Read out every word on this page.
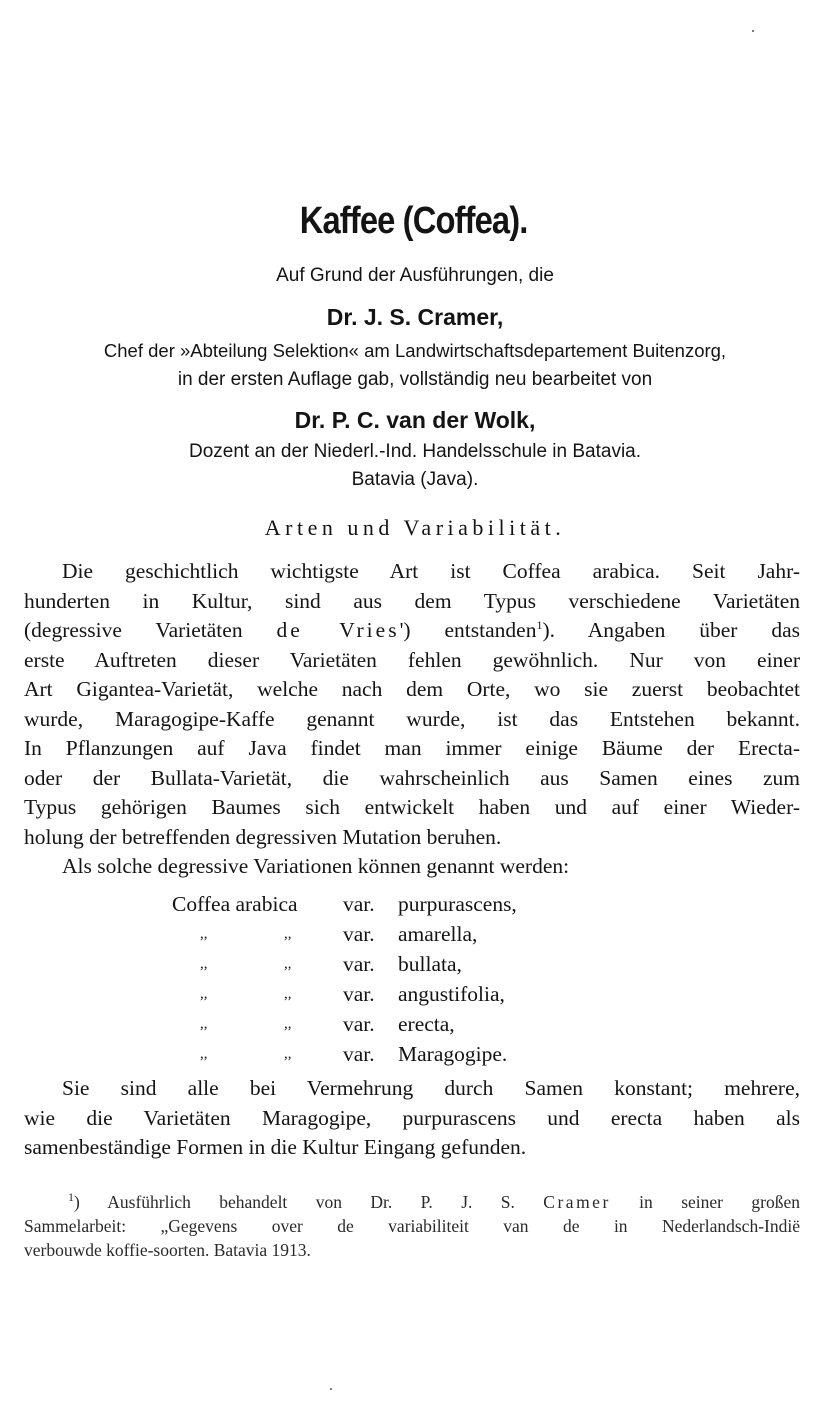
Kaffee (Coffea).
Auf Grund der Ausführungen, die
Dr. J. S. Cramer,
Chef der »Abteilung Selektion« am Landwirtschaftsdepartement Buitenzorg,
in der ersten Auflage gab, vollständig neu bearbeitet von
Dr. P. C. van der Wolk,
Dozent an der Niederl.-Ind. Handelsschule in Batavia.
Batavia (Java).
Arten und Variabilität.
Die geschichtlich wichtigste Art ist Coffea arabica. Seit Jahr-
hunderten in Kultur, sind aus dem Typus verschiedene Varietäten
(degressive Varietäten de Vries') entstanden$^1$). Angaben über das
erste Auftreten dieser Varietäten fehlen gewöhnlich. Nur von einer
Art Gigantea-Varietät, welche nach dem Orte, wo sie zuerst beobachtet
wurde, Maragogipe-Kaffe genannt wurde, ist das Entstehen bekannt.
In Pflanzungen auf Java findet man immer einige Bäume der Erecta-
oder der Bullata-Varietät, die wahrscheinlich aus Samen eines zum
Typus gehörigen Baumes sich entwickelt haben und auf einer Wieder-
holung der betreffenden degressiven Mutation beruhen.
Als solche degressive Variationen können genannt werden:
Coffea arabica var. purpurascens,
,,	,, var. amarella,
,,	,, var. bullata,
,,	,, var. angustifolia,
,,	,, var. erecta,
,,	,, var. Maragogipe.
Sie sind alle bei Vermehrung durch Samen konstant; mehrere,
wie die Varietäten Maragogipe, purpurascens und erecta haben als
samenbeständige Formen in die Kultur Eingang gefunden.
$^1$) Ausführlich behandelt von Dr. P. J. S. Cramer in seiner großen
Sammelarbeit: „Gegevens over de variabiliteit van de in Nederlandsch-Indië
verbouwde koffie-soorten. Batavia 1913.
